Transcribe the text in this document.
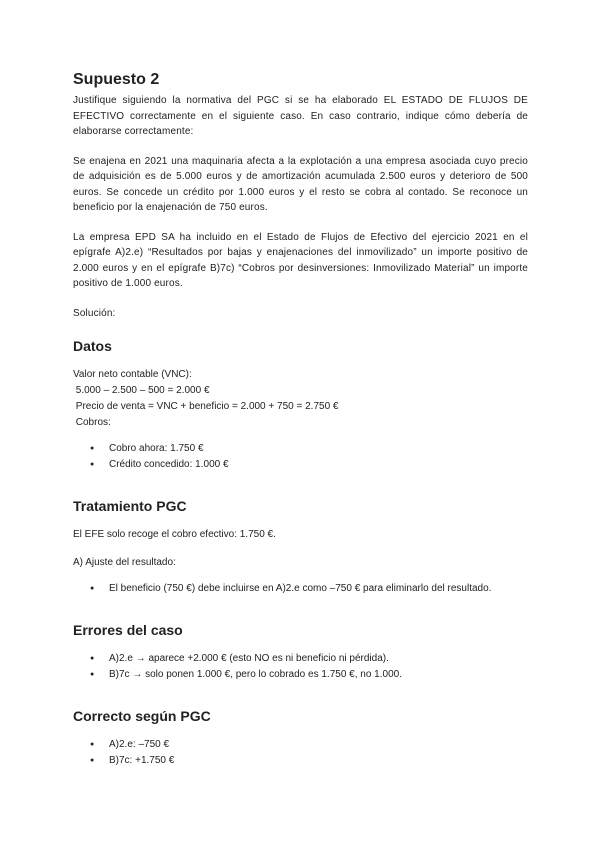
Supuesto 2

Justifique siguiendo la normativa del PGC si se ha elaborado EL ESTADO DE FLUJOS DE EFECTIVO correctamente en el siguiente caso. En caso contrario, indique cómo debería de elaborarse correctamente:

Se enajena en 2021 una maquinaria afecta a la explotación a una empresa asociada cuyo precio de adquisición es de 5.000 euros y de amortización acumulada 2.500 euros y deterioro de 500 euros. Se concede un crédito por 1.000 euros y el resto se cobra al contado. Se reconoce un beneficio por la enajenación de 750 euros.

La empresa EPD SA ha incluido en el Estado de Flujos de Efectivo del ejercicio 2021 en el epígrafe A)2.e) “Resultados por bajas y enajenaciones del inmovilizado” un importe positivo de 2.000 euros y en el epígrafe B)7c) “Cobros por desinversiones: Inmovilizado Material” un importe positivo de 1.000 euros.

Solución:

Datos

Valor neto contable (VNC):

5.000 – 2.500 – 500 = 2.000 €

Precio de venta = VNC + beneficio = 2.000 + 750 = 2.750 €

Cobros:

● Cobro ahora: 1.750 €
● Crédito concedido: 1.000 €
Tratamiento PGC

El EFE solo recoge el cobro efectivo: 1.750 €.

A) Ajuste del resultado:

● El beneficio (750 €) debe incluirse en A)2.e como –750 € para eliminarlo del resultado.
Errores del caso
● A)2.e → aparece +2.000 € (esto NO es ni beneficio ni pérdida).
● B)7c → solo ponen 1.000 €, pero lo cobrado es 1.750 €, no 1.000.
Correcto según PGC
● A)2.e: –750 €
● B)7c: +1.750 €
